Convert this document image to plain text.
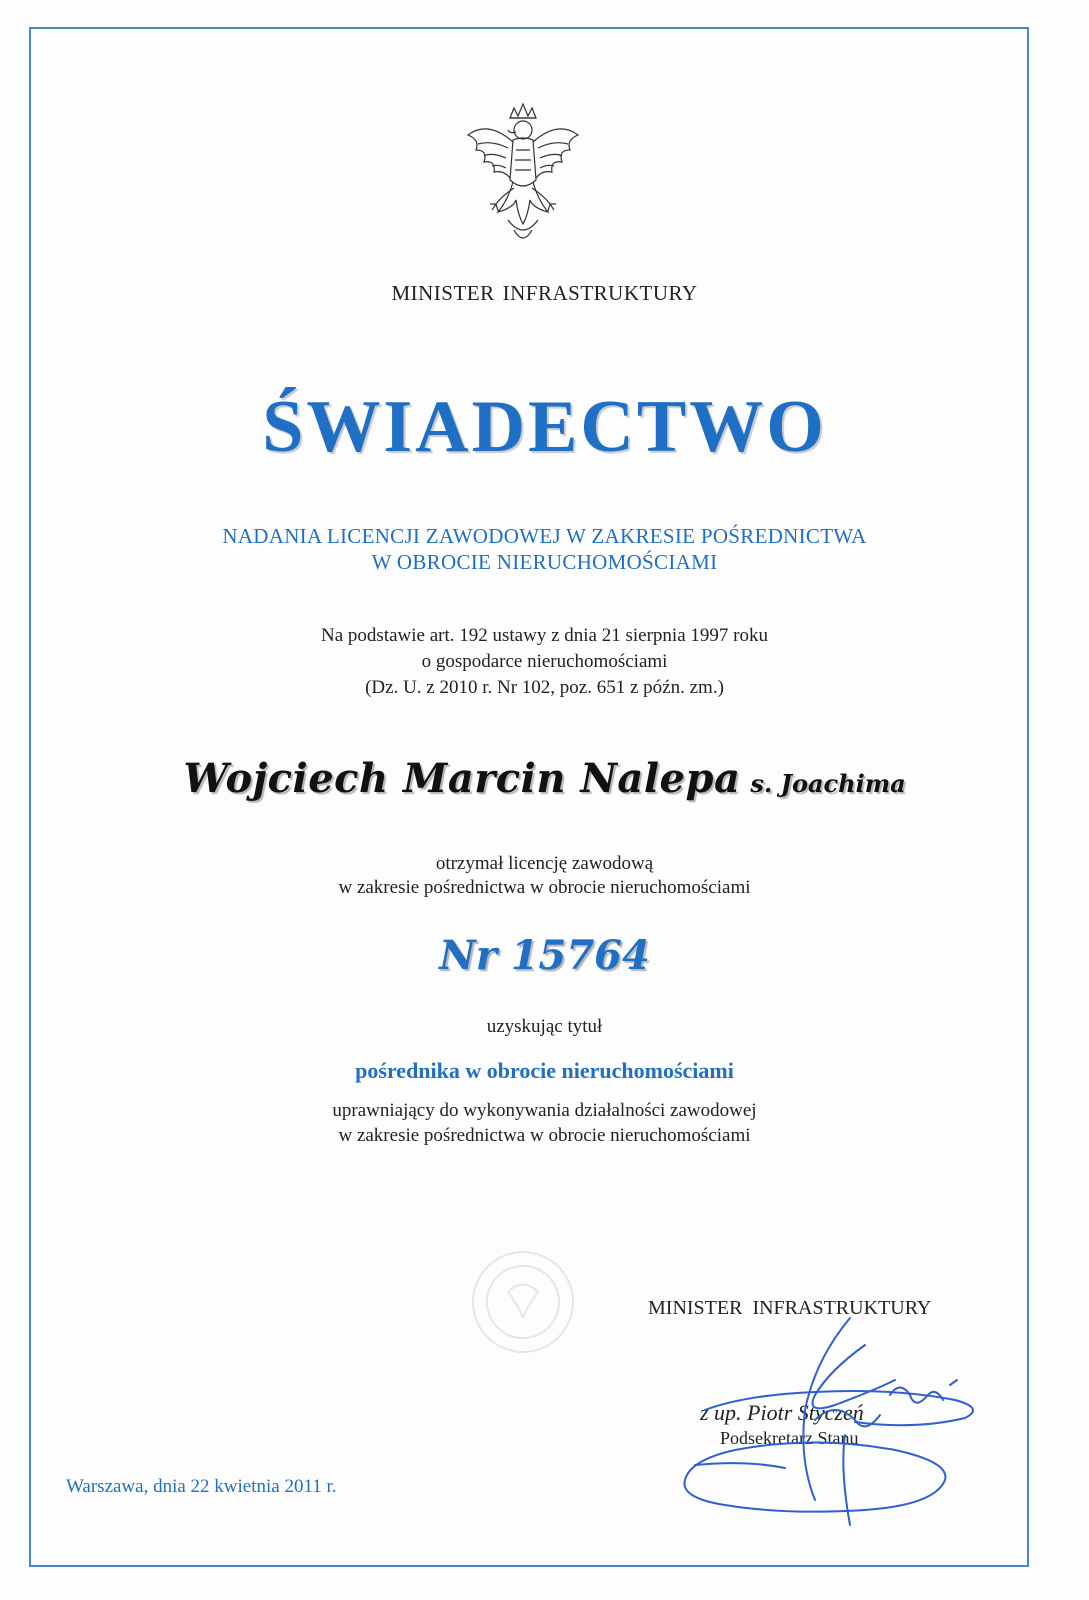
MINISTER INFRASTRUKTURY
ŚWIADECTWO
NADANIA LICENCJI ZAWODOWEJ W ZAKRESIE POŚREDNICTWA
W OBROCIE NIERUCHOMOŚCIAMI
Na podstawie art. 192 ustawy z dnia 21 sierpnia 1997 roku
o gospodarce nieruchomościami
(Dz. U. z 2010 r. Nr 102, poz. 651 z późn. zm.)
Wojciech Marcin Nalepa s. Joachima
otrzymał licencję zawodową
w zakresie pośrednictwa w obrocie nieruchomościami
Nr 15764
uzyskując tytuł
pośrednika w obrocie nieruchomościami
uprawniający do wykonywania działalności zawodowej
w zakresie pośrednictwa w obrocie nieruchomościami
MINISTER INFRASTRUKTURY
z up. Piotr Styczeń
Podsekretarz Stanu
Warszawa, dnia 22 kwietnia 2011 r.
